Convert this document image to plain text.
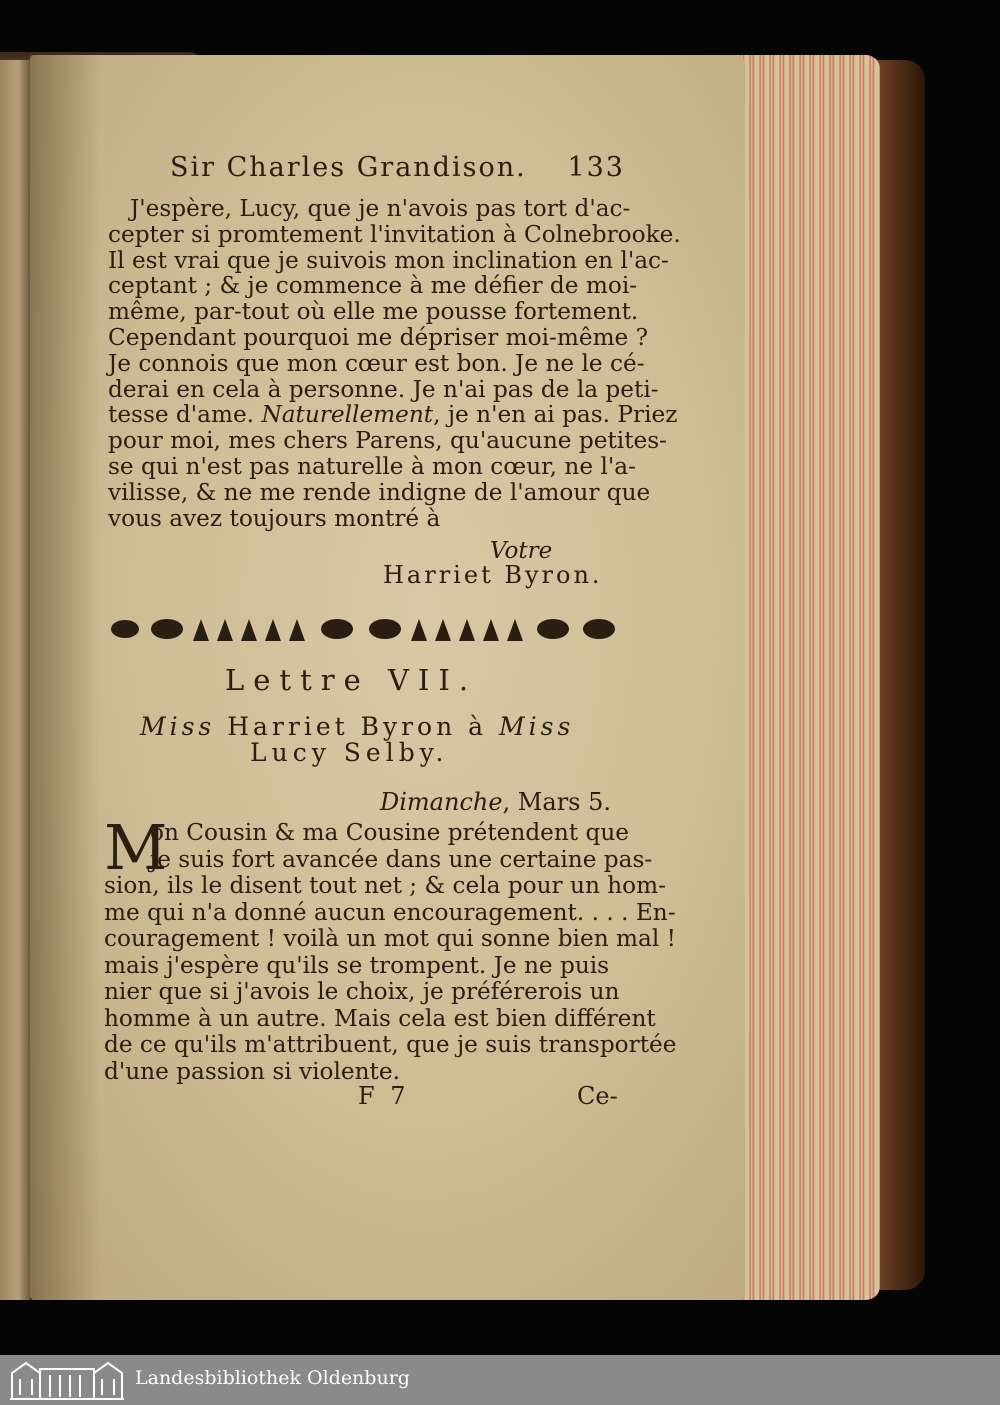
Sir Charles Grandison. 133
J'espère, Lucy, que je n'avois pas tort d'ac-
cepter si promtement l'invitation à Colnebrooke.
Il est vrai que je suivois mon inclination en l'ac-
ceptant ; & je commence à me défier de moi-
même, par-tout où elle me pousse fortement.
Cependant pourquoi me dépriser moi-même ?
Je connois que mon cœur est bon. Je ne le cé-
derai en cela à personne. Je n'ai pas de la peti-
tesse d'ame. Naturellement, je n'en ai pas. Priez
pour moi, mes chers Parens, qu'aucune petites-
se qui n'est pas naturelle à mon cœur, ne l'a-
vilisse, & ne me rende indigne de l'amour que
vous avez toujours montré à
Votre
Harriet Byron.
Lettre VII.
Miss Harriet Byron à Miss
Lucy Selby.
Dimanche, Mars 5.
M
on Cousin & ma Cousine prétendent que
je suis fort avancée dans une certaine pas-
sion, ils le disent tout net ; & cela pour un hom-
me qui n'a donné aucun encouragement. . . . En-
couragement ! voilà un mot qui sonne bien mal !
mais j'espère qu'ils se trompent. Je ne puis
nier que si j'avois le choix, je préférerois un
homme à un autre. Mais cela est bien différent
de ce qu'ils m'attribuent, que je suis transportée
d'une passion si violente.
F 7	Ce-
Landesbibliothek Oldenburg
